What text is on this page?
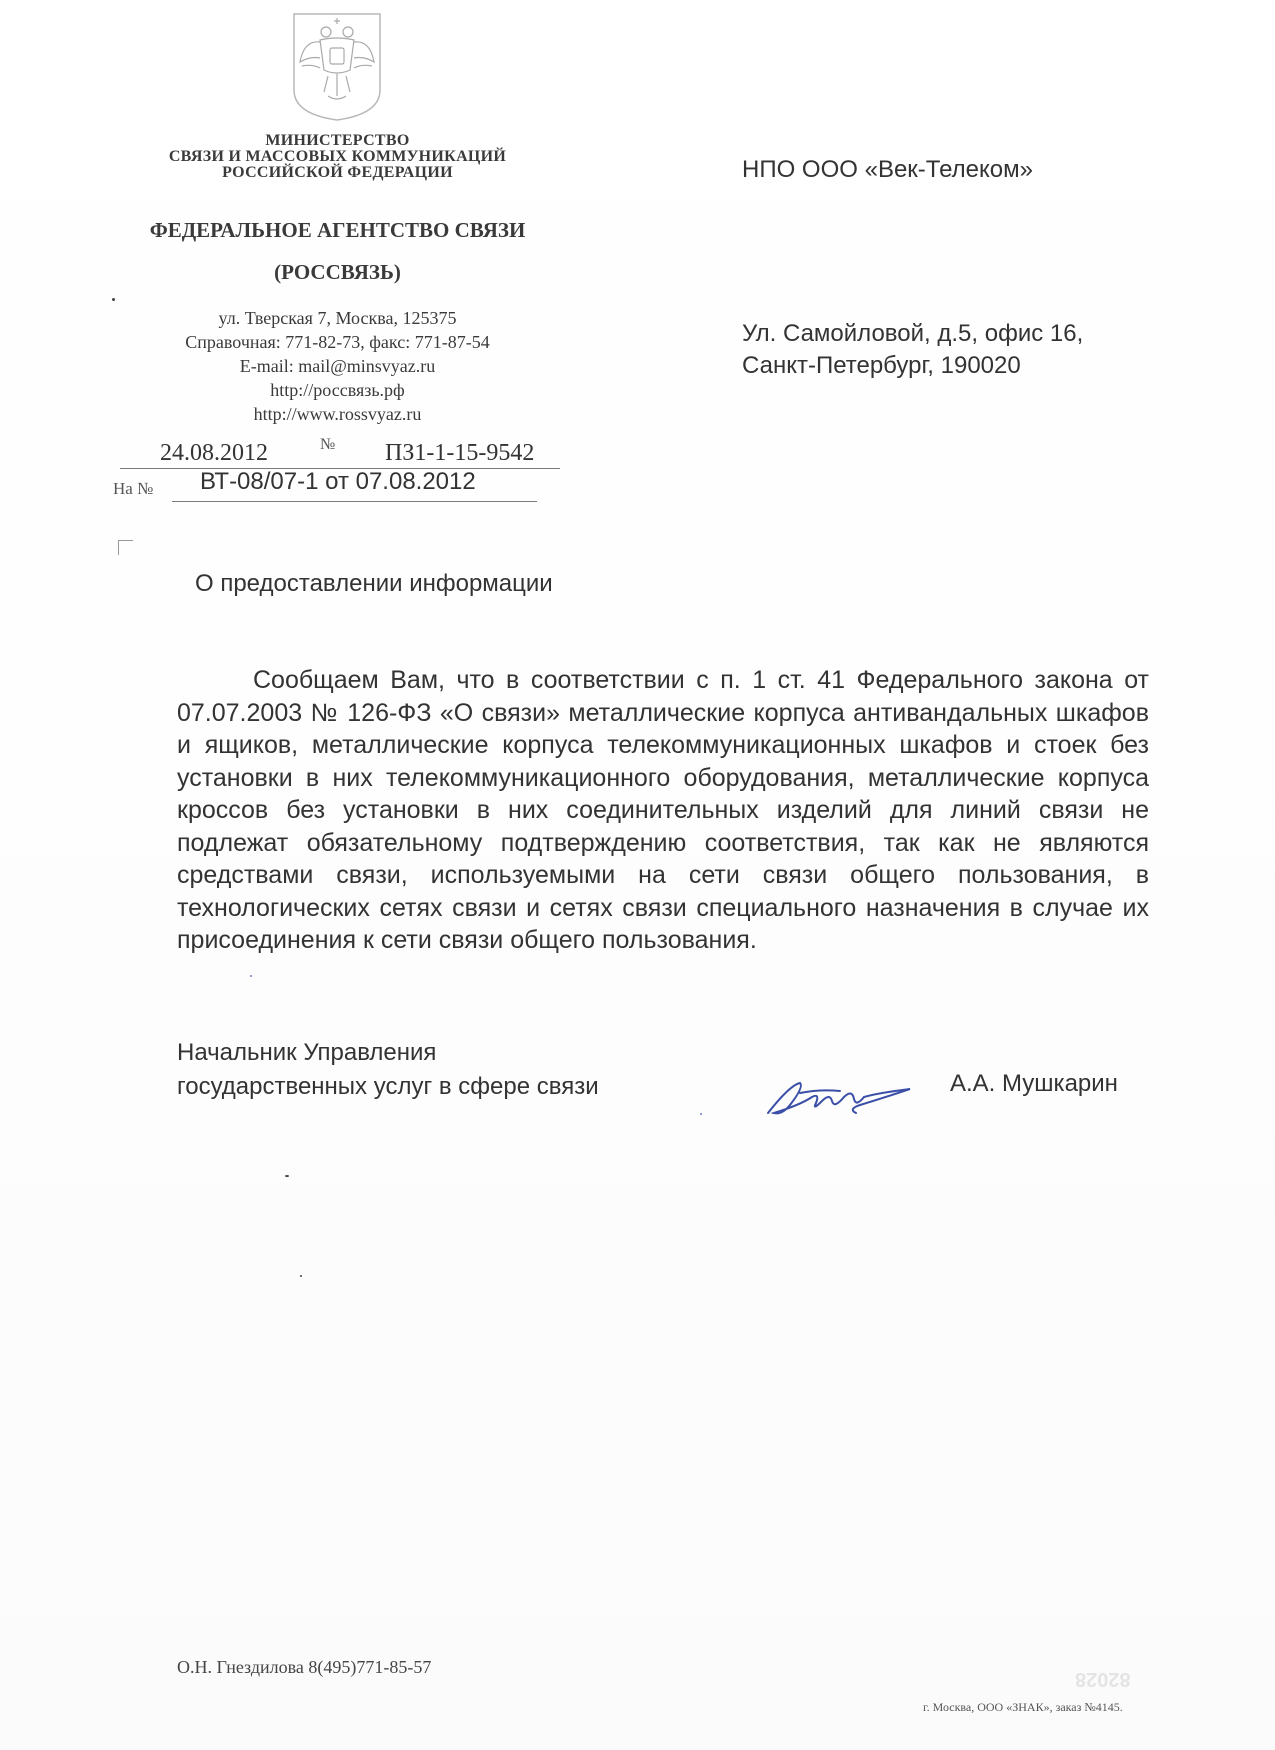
МИНИСТЕРСТВО
СВЯЗИ И МАССОВЫХ КОММУНИКАЦИЙ
РОССИЙСКОЙ ФЕДЕРАЦИИ
ФЕДЕРАЛЬНОЕ АГЕНТСТВО СВЯЗИ
(РОССВЯЗЬ)
ул. Тверская 7, Москва, 125375
Справочная: 771-82-73, факс: 771-87-54
E-mail: mail@minsvyaz.ru
http://россвязь.рф
http://www.rossvyaz.ru
24.08.2012	№ ПЗ1-1-15-9542
На № ВТ-08/07-1 от 07.08.2012
НПО ООО «Век-Телеком»
Ул. Самойловой, д.5, офис 16,
Санкт-Петербург, 190020
О предоставлении информации
Сообщаем Вам, что в соответствии с п. 1 ст. 41 Федерального закона от 07.07.2003 № 126-ФЗ «О связи» металлические корпуса антивандальных шкафов и ящиков, металлические корпуса телекоммуникационных шкафов и стоек без установки в них телекоммуникационного оборудования, металлические корпуса кроссов без установки в них соединительных изделий для линий связи не подлежат обязательному подтверждению соответствия, так как не являются средствами связи, используемыми на сети связи общего пользования, в технологических сетях связи и сетях связи специального назначения в случае их присоединения к сети связи общего пользования.
Начальник Управления
государственных услуг в сфере связи	А.А. Мушкарин
О.Н. Гнездилова 8(495)771-85-57
г. Москва, ООО «ЗНАК», заказ №4145.
82028
